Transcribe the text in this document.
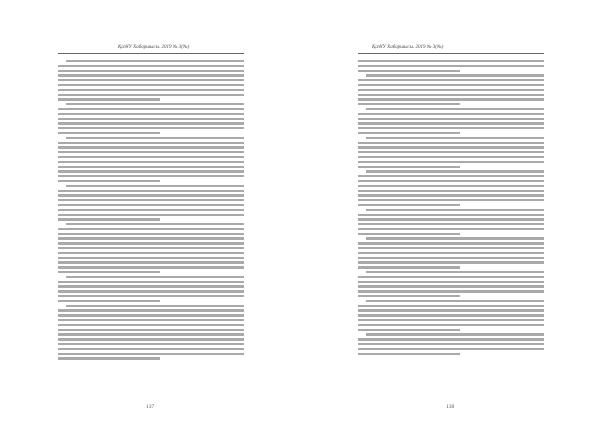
ҚазҰУ Хабаршысы. 2019 № 3(№)
137
ҚазҰУ Хабаршысы. 2019 № 3(№)
138
